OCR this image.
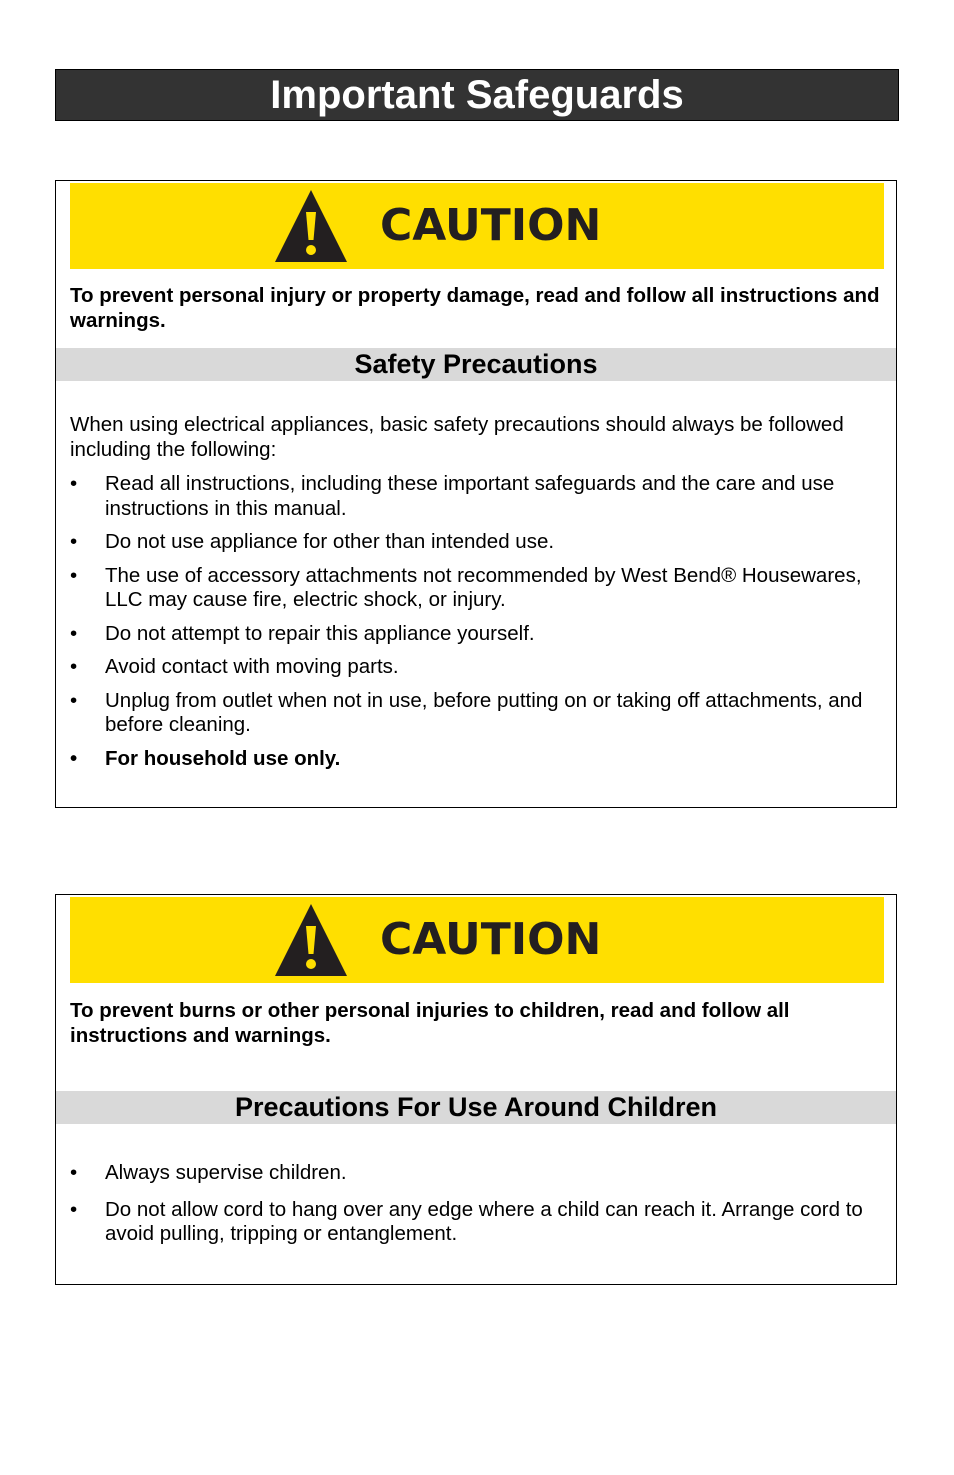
Important Safeguards
CAUTION
To prevent personal injury or property damage, read and follow all instructions and warnings.
Safety Precautions
When using electrical appliances, basic safety precautions should always be followed including the following:
• Read all instructions, including these important safeguards and the care and use instructions in this manual.
• Do not use appliance for other than intended use.
• The use of accessory attachments not recommended by West Bend® Housewares, LLC may cause fire, electric shock, or injury.
• Do not attempt to repair this appliance yourself.
• Avoid contact with moving parts.
• Unplug from outlet when not in use, before putting on or taking off attachments, and before cleaning.
• For household use only.
CAUTION
To prevent burns or other personal injuries to children, read and follow all instructions and warnings.
Precautions For Use Around Children
• Always supervise children.
• Do not allow cord to hang over any edge where a child can reach it. Arrange cord to avoid pulling, tripping or entanglement.
